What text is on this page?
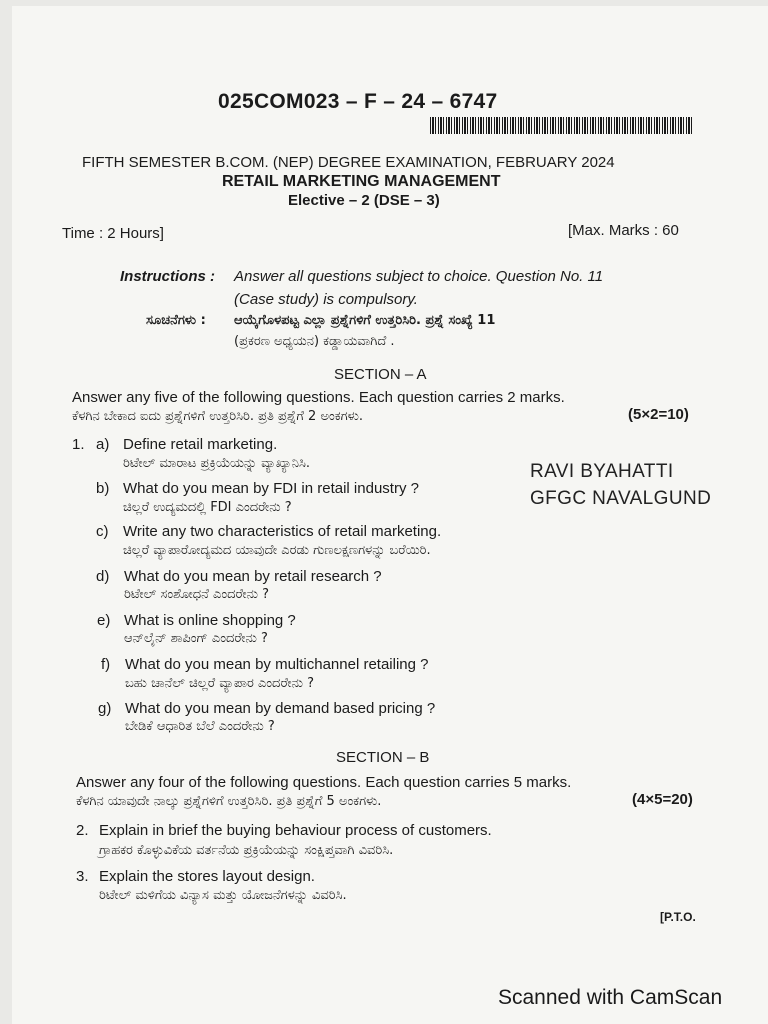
025COM023 – F – 24 – 6747
FIFTH SEMESTER B.COM. (NEP) DEGREE EXAMINATION, FEBRUARY 2024
RETAIL MARKETING MANAGEMENT
Elective – 2 (DSE – 3)
Time : 2 Hours]	[Max. Marks : 60
Instructions : Answer all questions subject to choice. Question No. 11
(Case study) is compulsory.
ಸೂಚನೆಗಳು : ಆಯ್ಕೆಗೊಳಪಟ್ಟ ಎಲ್ಲಾ ಪ್ರಶ್ನೆಗಳಿಗೆ ಉತ್ತರಿಸಿರಿ. ಪ್ರಶ್ನೆ ಸಂಖ್ಯೆ 11
(ಪ್ರಕರಣ ಅಧ್ಯಯನ) ಕಡ್ಡಾಯವಾಗಿದೆ .
SECTION – A
Answer any five of the following questions. Each question carries 2 marks.
ಕೆಳಗಿನ ಬೇಕಾದ ಐದು ಪ್ರಶ್ನೆಗಳಿಗೆ ಉತ್ತರಿಸಿರಿ. ಪ್ರತಿ ಪ್ರಶ್ನೆಗೆ 2 ಅಂಕಗಳು.	(5×2=10)
1. a) Define retail marketing.
ರಿಟೇಲ್ ಮಾರಾಟ ಪ್ರಕ್ರಿಯೆಯನ್ನು ವ್ಯಾಖ್ಯಾನಿಸಿ.
b) What do you mean by FDI in retail industry ?
ಚಿಲ್ಲರೆ ಉದ್ಯಮದಲ್ಲಿ FDI ಎಂದರೇನು ?
c) Write any two characteristics of retail marketing.
ಚಿಲ್ಲರೆ ವ್ಯಾಪಾರೋದ್ಯಮದ ಯಾವುದೇ ಎರಡು ಗುಣಲಕ್ಷಣಗಳನ್ನು ಬರೆಯಿರಿ.
d) What do you mean by retail research ?
ರಿಟೇಲ್ ಸಂಶೋಧನೆ ಎಂದರೇನು ?
e) What is online shopping ?
ಆನ್‌ಲೈನ್ ಶಾಪಿಂಗ್ ಎಂದರೇನು ?
f) What do you mean by multichannel retailing ?
ಬಹು ಚಾನೆಲ್ ಚಿಲ್ಲರೆ ವ್ಯಾಪಾರ ಎಂದರೇನು ?
g) What do you mean by demand based pricing ?
ಬೇಡಿಕೆ ಆಧಾರಿತ ಬೆಲೆ ಎಂದರೇನು ?
RAVI BYAHATTI
GFGC NAVALGUND
SECTION – B
Answer any four of the following questions. Each question carries 5 marks.
ಕೆಳಗಿನ ಯಾವುದೇ ನಾಲ್ಕು ಪ್ರಶ್ನೆಗಳಿಗೆ ಉತ್ತರಿಸಿರಿ. ಪ್ರತಿ ಪ್ರಶ್ನೆಗೆ 5 ಅಂಕಗಳು.	(4×5=20)
2. Explain in brief the buying behaviour process of customers.
ಗ್ರಾಹಕರ ಕೊಳ್ಳುವಿಕೆಯ ವರ್ತನೆಯ ಪ್ರಕ್ರಿಯೆಯನ್ನು ಸಂಕ್ಷಿಪ್ತವಾಗಿ ವಿವರಿಸಿ.
3. Explain the stores layout design.
ರಿಟೇಲ್ ಮಳಿಗೆಯ ವಿನ್ಯಾಸ ಮತ್ತು ಯೋಜನೆಗಳನ್ನು ವಿವರಿಸಿ.
[P.T.O.
Scanned with CamScan
